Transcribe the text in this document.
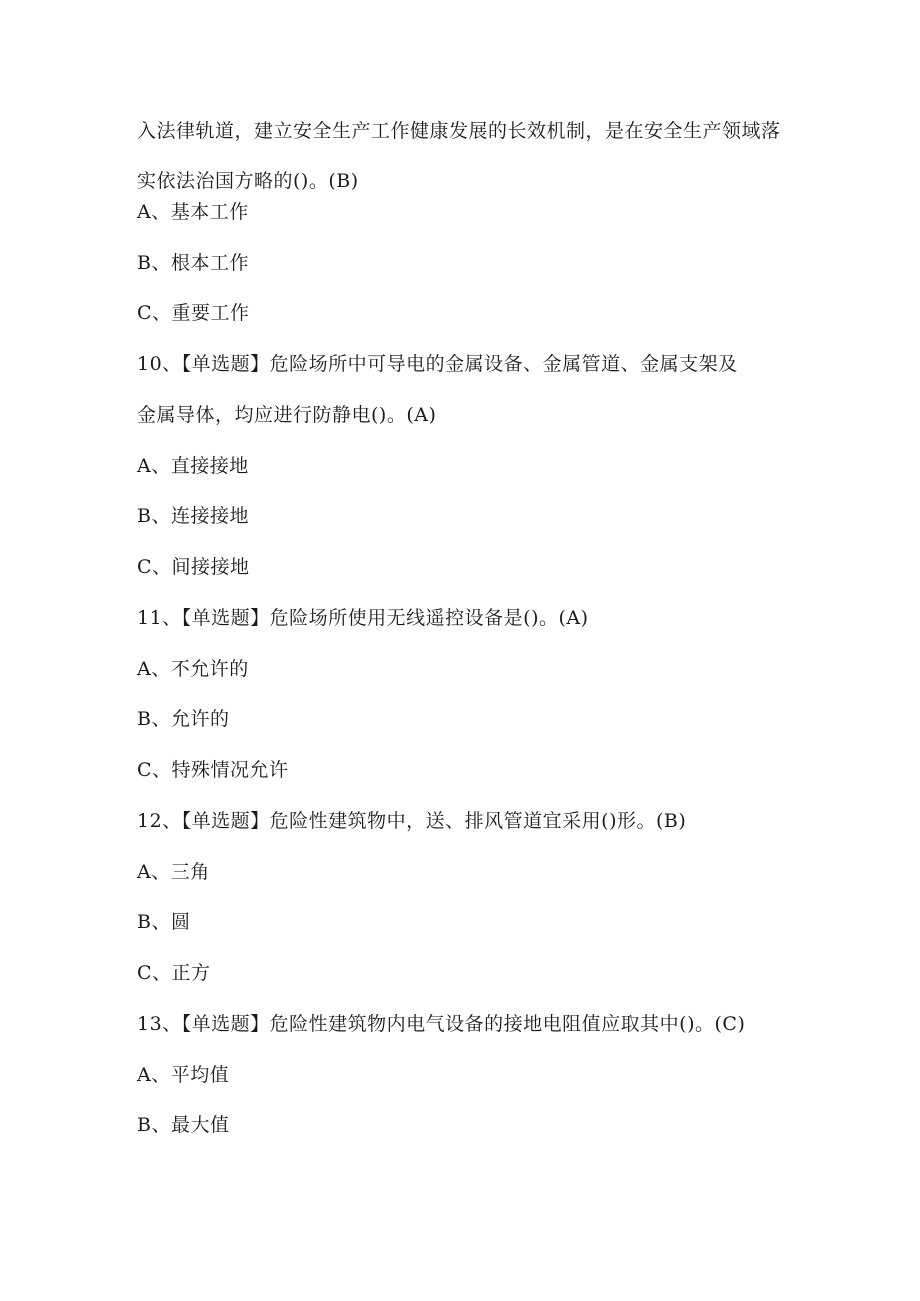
入法律轨道，建立安全生产工作健康发展的长效机制，是在安全生产领域落
实依法治国方略的()。(B)
A、基本工作
B、根本工作
C、重要工作
10、【单选题】危险场所中可导电的金属设备、金属管道、金属支架及
金属导体，均应进行防静电()。(A)
A、直接接地
B、连接接地
C、间接接地
11、【单选题】危险场所使用无线遥控设备是()。(A)
A、不允许的
B、允许的
C、特殊情况允许
12、【单选题】危险性建筑物中，送、排风管道宜采用()形。(B)
A、三角
B、圆
C、正方
13、【单选题】危险性建筑物内电气设备的接地电阻值应取其中()。(C)
A、平均值
B、最大值
